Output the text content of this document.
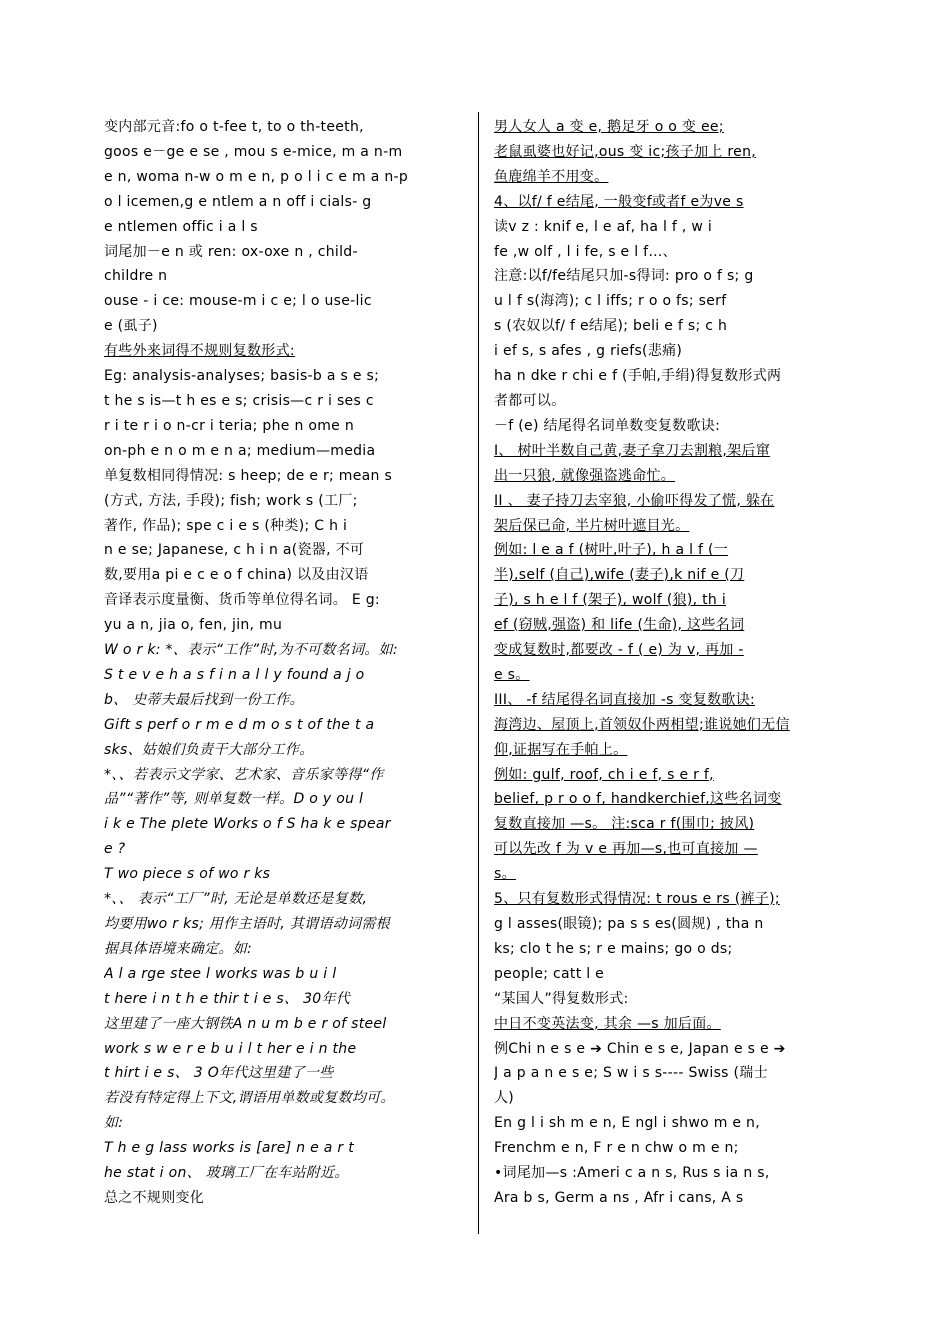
变内部元音:fo o t-fee t, to o th-teeth,
goos e－ge e se , mou s e-mice, m a n-m
e n, woma n-w o m e n, p o l i c e m a n-p
o l icemen,g e ntlem a n off i cials- g
e ntlemen offic i a l s
词尾加－e n 或 ren: ox-oxe n , child-
childre n
ouse - i ce: mouse-m i c e; l o use-lic
e (虱子)
有些外来词得不规则复数形式:
Eg: analysis-analyses; basis-b a s e s;
t he s is—t h es e s; crisis—c r i ses c
r i te r i o n-cr i teria; phe n ome n
on-ph e n o m e n a; medium—media
单复数相同得情况: s heep; de e r; mean s
(方式, 方法, 手段); fish; work s (工厂;
著作, 作品); spe c i e s (种类); C h i
n e se; Japanese, c h i n a(瓷器, 不可
数,要用a pi e c e o f china) 以及由汉语
音译表示度量衡、货币等单位得名词。 E g:
yu a n, jia o, fen, jin, mu
W o r k: *、表示“工作”时,为不可数名词。如:
S t e v e h a s f i n a l l y found a j o
b、 史蒂夫最后找到一份工作。
Gift s perf o r m e d m o s t of the t a
sks、姑娘们负责干大部分工作。
*、、若表示文学家、艺术家、音乐家等得“作
品”“著作”等, 则单复数一样。D o y ou l
i k e The plete Works o f S ha k e spear
e ?
T wo piece s of wo r ks
*、、 表示“工厂”时, 无论是单数还是复数,
均要用wo r ks; 用作主语时, 其谓语动词需根
据具体语境来确定。如:
A l a rge stee l works was b u i l
t here i n t h e thir t i e s、 30年代
这里建了一座大钢铁A n u m b e r of steel
work s w e r e b u i l t her e i n the
t hirt i e s、 3 O年代这里建了一些
若没有特定得上下文,谓语用单数或复数均可。
如:
T h e g lass works is [are] n e a r t
he stat i on、 玻璃工厂在车站附近。
总之不规则变化
男人女人 a 变 e, 鹅足牙 o o 变 ee;
老鼠虱婆也好记,ous 变 ic;孩子加上 ren,
鱼鹿绵羊不用变。
4、以f/ f e结尾, 一般变f或者f e为ve s
读v z : knif e, l e af, ha l f , w i
fe ,w olf , l i fe, s e l f…、
注意:以f/fe结尾只加-s得词: pro o f s; g
u l f s(海湾); c l iffs; r o o fs; serf
s (农奴以f/ f e结尾); beli e f s; c h
i ef s, s afes , g riefs(悲痛)
ha n dke r chi e f (手帕,手绢)得复数形式两
者都可以。
－f (e) 结尾得名词单数变复数歌诀:
I、 树叶半数自己黄,妻子拿刀去割粮,架后窜
出一只狼, 就像强盗逃命忙。
II 、 妻子持刀去宰狼, 小偷吓得发了慌, 躲在
架后保已命, 半片树叶遮目光。
例如: l e a f (树叶,叶子), h a l f (一
半),self (自己),wife (妻子),k nif e (刀
子), s h e l f (架子), wolf (狼), th i
ef (窃贼,强盗) 和 life (生命), 这些名词
变成复数时,都要改 - f ( e) 为 v, 再加 -
e s。
III、 -f 结尾得名词直接加 -s 变复数歌诀:
海湾边、屋顶上,首领奴仆两相望;谁说她们无信
仰,证据写在手帕上。
例如: gulf, roof, ch i e f, s e r f,
belief, p r o o f, handkerchief,这些名词变
复数直接加 —s。 注:sca r f(围巾; 披风)
可以先改 f 为 v e 再加—s,也可直接加 —
s。
5、只有复数形式得情况: t rous e rs (裤子);
g l asses(眼镜); pa s s es(圆规) , tha n
ks; clo t he s; r e mains; go o ds;
people; catt l e
“某国人”得复数形式:
中日不变英法变, 其余 —s 加后面。
例Chi n e s e ➔ Chin e s e, Japan e s e ➔
J a p a n e s e; S w i s s---- Swiss (瑞士
人)
En g l i sh m e n, E ngl i shwo m e n,
Frenchm e n, F r e n chw o m e n;
•词尾加—s :Ameri c a n s, Rus s ia n s,
Ara b s, Germ a ns , Afr i cans, A s
